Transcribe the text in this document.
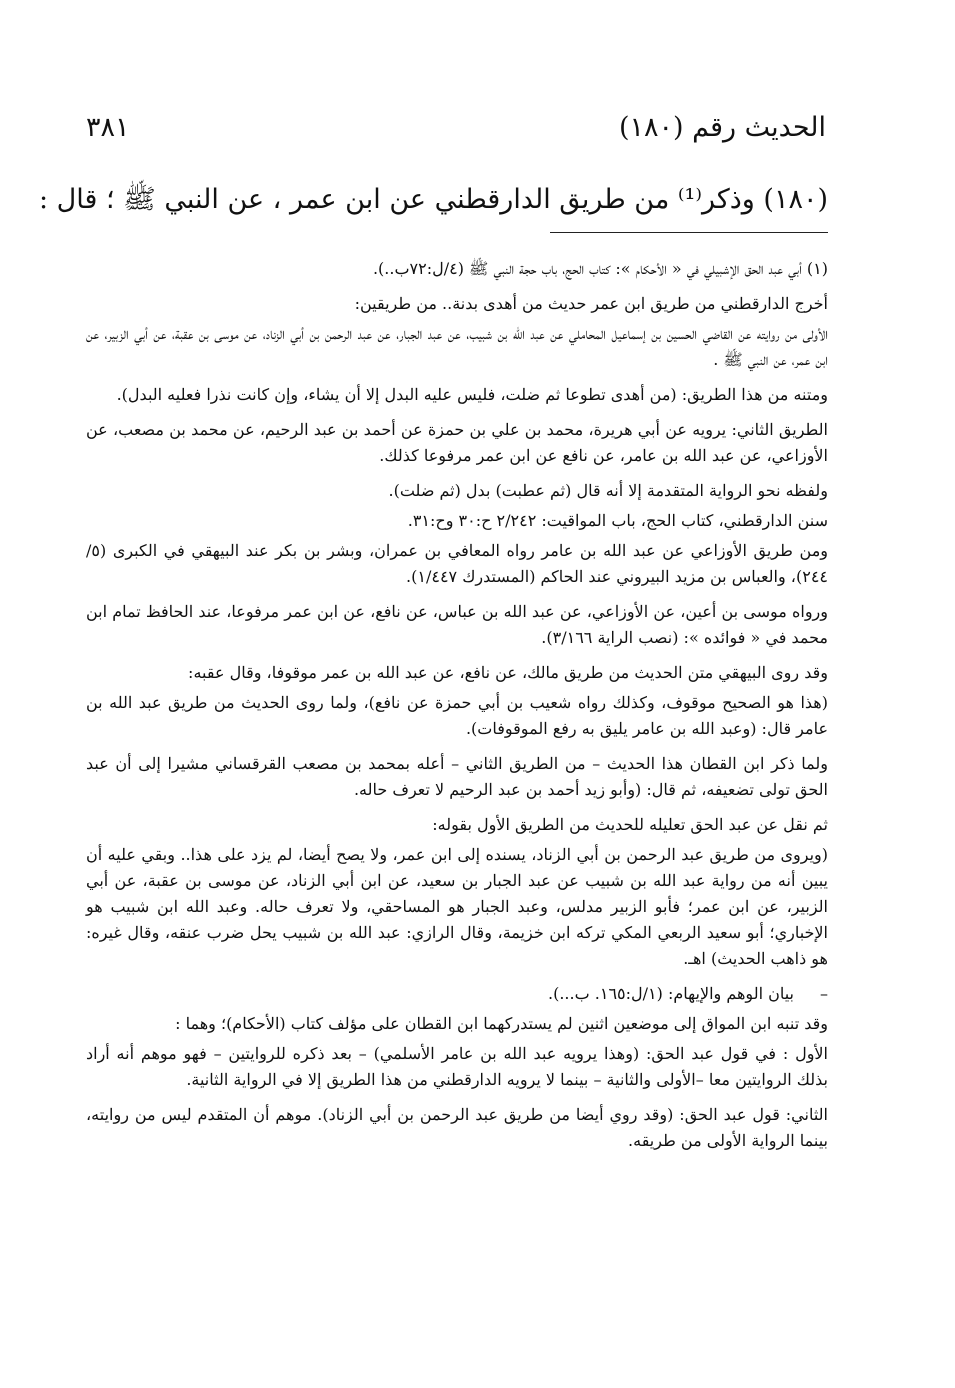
الحديث رقم (١٨٠)
٣٨١
(١٨٠) وذكر⁽¹⁾ من طريق الدارقطني عن ابن عمر ، عن النبي ﷺ ؛ قال :

(١) أبي عبد الحق الإشبيلي في « الأحكام »: كتاب الحج، باب حجة النبي ﷺ (٤/ل:٧٢ب..).

أخرج الدارقطني من طريق ابن عمر حديث من أهدى بدنة.. من طريقين:

الأولى من روايته عن القاضي الحسين بن إسماعيل المحاملي عن عبد الله بن شبيب، عن عبد الجبار، عن عبد الرحمن بن أبي الزناد، عن موسى بن عقبة، عن أبي الزبير، عن ابن عمر، عن النبي ﷺ .

ومتنه من هذا الطريق: (من أهدى تطوعا ثم ضلت، فليس عليه البدل إلا أن يشاء، وإن كانت نذرا فعليه البدل).

الطريق الثاني: يرويه عن أبي هريرة، محمد بن علي بن حمزة عن أحمد بن عبد الرحيم، عن محمد بن مصعب، عن الأوزاعي، عن عبد الله بن عامر، عن نافع عن ابن عمر مرفوعا كذلك.

ولفظه نحو الرواية المتقدمة إلا أنه قال (ثم عطبت) بدل (ثم ضلت).

سنن الدارقطني، كتاب الحج، باب المواقيت: ٢/٢٤٢ ح:٣٠ وح:٣١.

ومن طريق الأوزاعي عن عبد الله بن عامر رواه المعافي بن عمران، وبشر بن بكر عند البيهقي في الكبرى (٥/ ٢٤٤)، والعباس بن مزيد البيروني عند الحاكم (المستدرك ١/٤٤٧).

ورواه موسى بن أعين، عن الأوزاعي، عن عبد الله بن عباس، عن نافع، عن ابن عمر مرفوعا، عند الحافظ تمام ابن محمد في « فوائده »: (نصب الراية ٣/١٦٦).

وقد روى البيهقي متن الحديث من طريق مالك، عن نافع، عن عبد الله بن عمر موقوفا، وقال عقبه:

(هذا هو الصحيح موقوف، وكذلك رواه شعيب بن أبي حمزة عن نافع)، ولما روى الحديث من طريق عبد الله بن عامر قال: (وعبد الله بن عامر يليق به رفع الموقوفات).

ولما ذكر ابن القطان هذا الحديث – من الطريق الثاني – أعله بمحمد بن مصعب القرقساني مشيرا إلى أن عبد الحق تولى تضعيفه، ثم قال: (وأبو زيد أحمد بن عبد الرحيم لا تعرف حاله.

ثم نقل عن عبد الحق تعليله للحديث من الطريق الأول بقوله:

(ويروى من طريق عبد الرحمن بن أبي الزناد، يسنده إلى ابن عمر، ولا يصح أيضا، لم يزد على هذا.. وبقي عليه أن يبين أنه من رواية عبد الله بن شبيب عن عبد الجبار بن سعيد، عن ابن أبي الزناد، عن موسى بن عقبة، عن أبي الزبير، عن ابن عمر؛ فأبو الزبير مدلس، وعبد الجبار هو المساحقي، ولا تعرف حاله. وعبد الله ابن شبيب هو الإخباري؛ أبو سعيد الربعي المكي تركه ابن خزيمة، وقال الرازي: عبد الله بن شبيب يحل ضرب عنقه، وقال غيره: هو ذاهب الحديث) اهـ.

–بيان الوهم والإيهام: (١/ل:١٦٥. ب...).

وقد تنبه ابن المواق إلى موضعين اثنين لم يستدركهما ابن القطان على مؤلف كتاب (الأحكام)؛ وهما :

الأول : في قول عبد الحق: (وهذا يرويه عبد الله بن عامر الأسلمي) – بعد ذكره للروايتين – فهو موهم أنه أراد بذلك الروايتين معا –الأولى والثانية – بينما لا يرويه الدارقطني من هذا الطريق إلا في الرواية الثانية.

الثاني: قول عبد الحق: (وقد روي أيضا من طريق عبد الرحمن بن أبي الزناد). موهم أن المتقدم ليس من روايته، بينما الرواية الأولى من طريقه.
